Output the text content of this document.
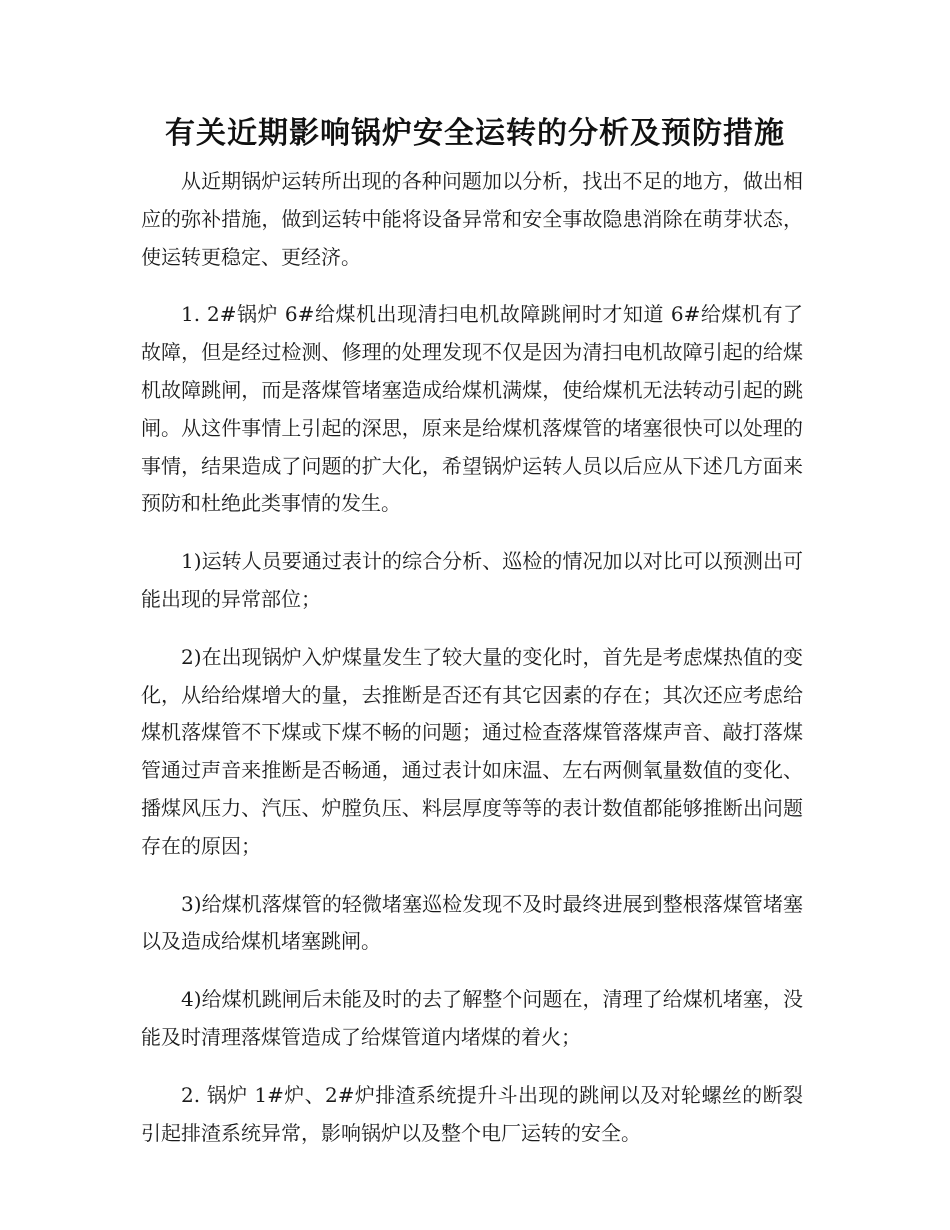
有关近期影响锅炉安全运转的分析及预防措施

从近期锅炉运转所出现的各种问题加以分析，找出不足的地方，做出相应的弥补措施，做到运转中能将设备异常和安全事故隐患消除在萌芽状态，使运转更稳定、更经济。

1. 2#锅炉 6#给煤机出现清扫电机故障跳闸时才知道 6#给煤机有了故障，但是经过检测、修理的处理发现不仅是因为清扫电机故障引起的给煤机故障跳闸，而是落煤管堵塞造成给煤机满煤，使给煤机无法转动引起的跳闸。从这件事情上引起的深思，原来是给煤机落煤管的堵塞很快可以处理的事情，结果造成了问题的扩大化，希望锅炉运转人员以后应从下述几方面来预防和杜绝此类事情的发生。

1)运转人员要通过表计的综合分析、巡检的情况加以对比可以预测出可能出现的异常部位；

2)在出现锅炉入炉煤量发生了较大量的变化时，首先是考虑煤热值的变化，从给给煤增大的量，去推断是否还有其它因素的存在；其次还应考虑给煤机落煤管不下煤或下煤不畅的问题；通过检查落煤管落煤声音、敲打落煤管通过声音来推断是否畅通，通过表计如床温、左右两侧氧量数值的变化、播煤风压力、汽压、炉膛负压、料层厚度等等的表计数值都能够推断出问题存在的原因；

3)给煤机落煤管的轻微堵塞巡检发现不及时最终进展到整根落煤管堵塞以及造成给煤机堵塞跳闸。

4)给煤机跳闸后未能及时的去了解整个问题在，清理了给煤机堵塞，没能及时清理落煤管造成了给煤管道内堵煤的着火；

2. 锅炉 1#炉、2#炉排渣系统提升斗出现的跳闸以及对轮螺丝的断裂引起排渣系统异常，影响锅炉以及整个电厂运转的安全。
